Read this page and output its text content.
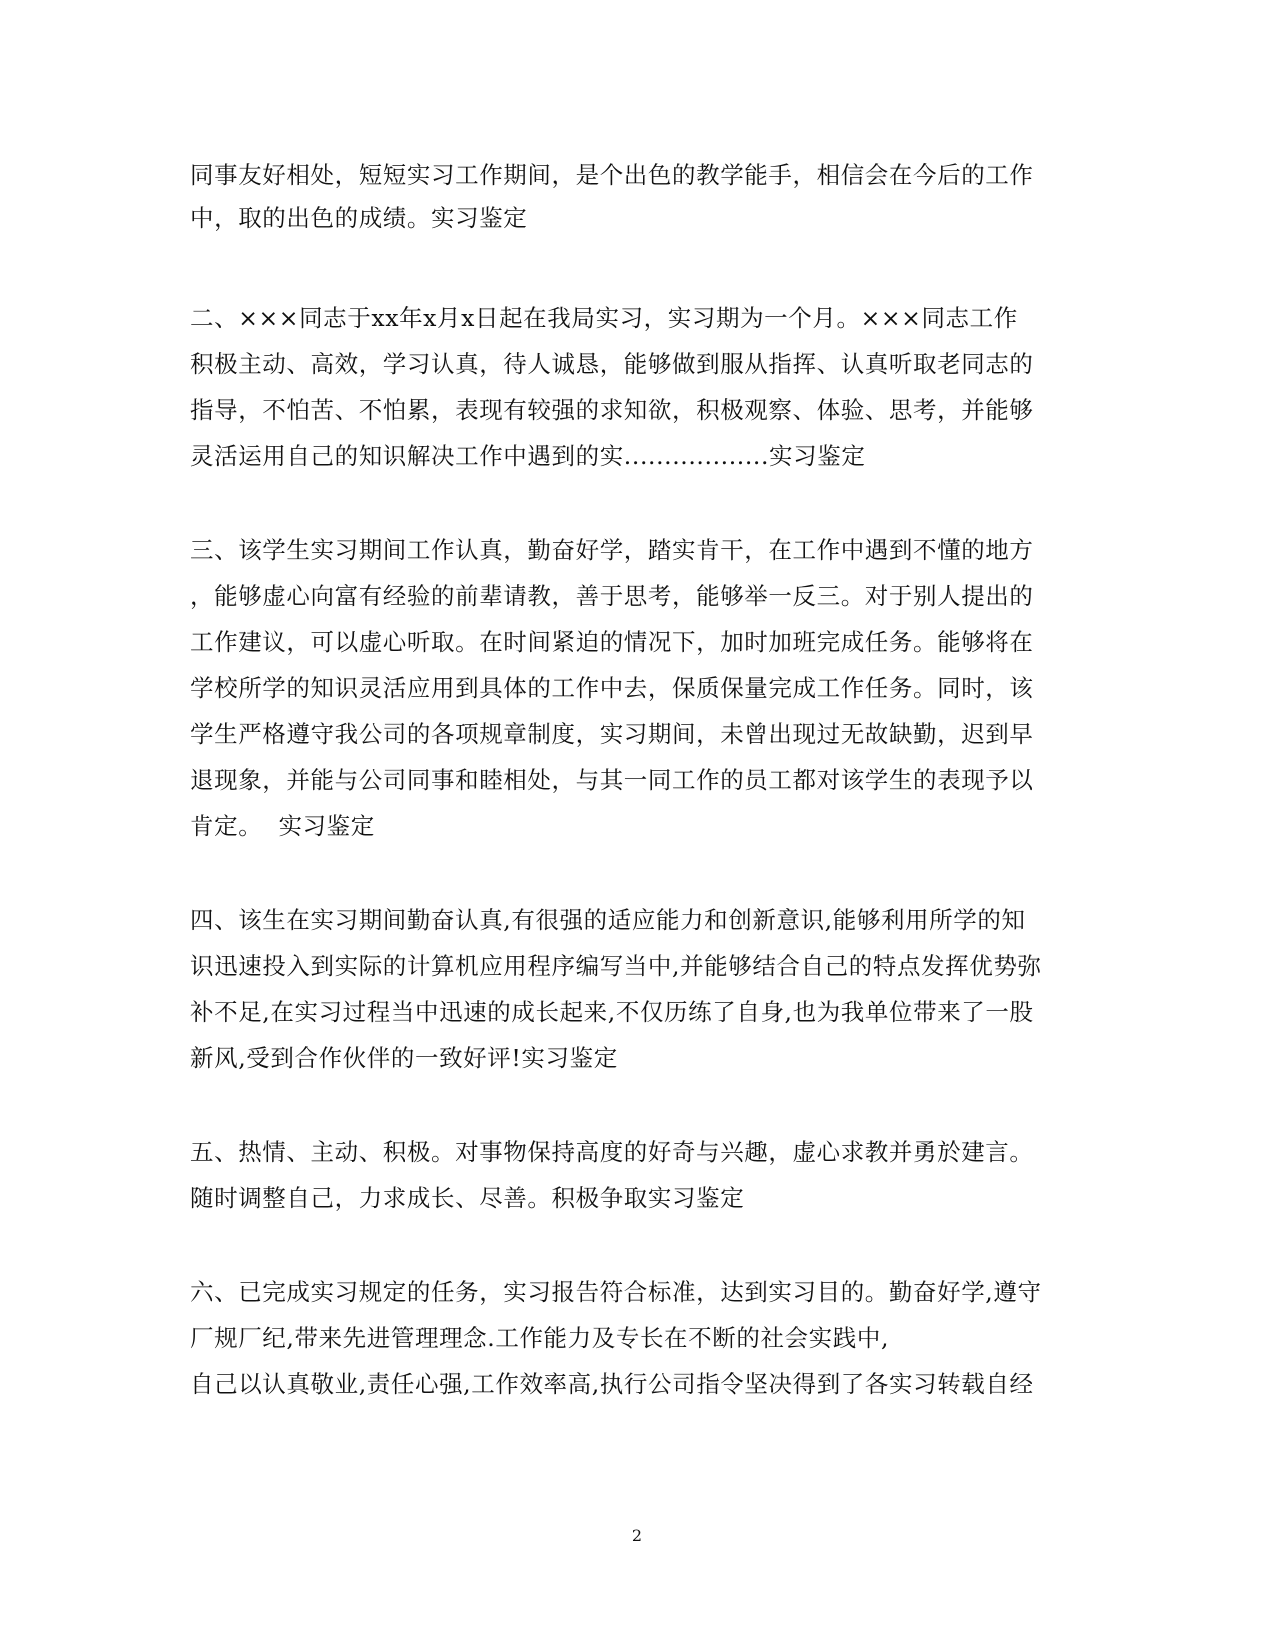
同事友好相处，短短实习工作期间，是个出色的教学能手，相信会在今后的工作
中，取的出色的成绩。实习鉴定
二、×××同志于xx年x月x日起在我局实习，实习期为一个月。×××同志工作
积极主动、高效，学习认真，待人诚恳，能够做到服从指挥、认真听取老同志的
指导，不怕苦、不怕累，表现有较强的求知欲，积极观察、体验、思考，并能够
灵活运用自己的知识解决工作中遇到的实..................实习鉴定
三、该学生实习期间工作认真，勤奋好学，踏实肯干，在工作中遇到不懂的地方
，能够虚心向富有经验的前辈请教，善于思考，能够举一反三。对于别人提出的
工作建议，可以虚心听取。在时间紧迫的情况下，加时加班完成任务。能够将在
学校所学的知识灵活应用到具体的工作中去，保质保量完成工作任务。同时，该
学生严格遵守我公司的各项规章制度，实习期间，未曾出现过无故缺勤，迟到早
退现象，并能与公司同事和睦相处，与其一同工作的员工都对该学生的表现予以
肯定。  实习鉴定
四、该生在实习期间勤奋认真,有很强的适应能力和创新意识,能够利用所学的知
识迅速投入到实际的计算机应用程序编写当中,并能够结合自己的特点发挥优势弥
补不足,在实习过程当中迅速的成长起来,不仅历练了自身,也为我单位带来了一股
新风,受到合作伙伴的一致好评!实习鉴定
五、热情、主动、积极。对事物保持高度的好奇与兴趣，虚心求教并勇於建言。
随时调整自己，力求成长、尽善。积极争取实习鉴定
六、已完成实习规定的任务，实习报告符合标准，达到实习目的。勤奋好学,遵守
厂规厂纪,带来先进管理理念.工作能力及专长在不断的社会实践中,
自己以认真敬业,责任心强,工作效率高,执行公司指令坚决得到了各实习转载自经
2
